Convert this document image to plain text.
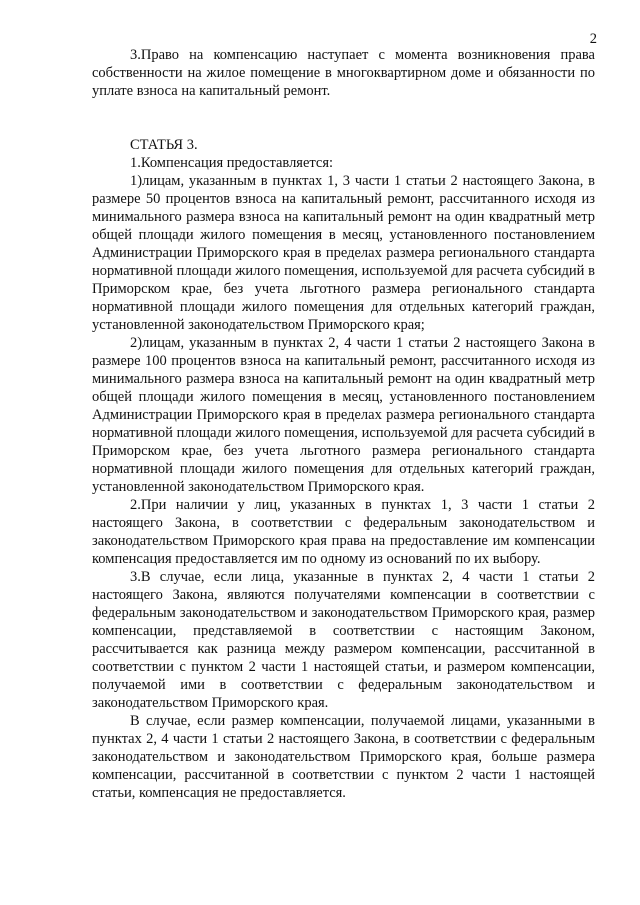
2

3.Право на компенсацию наступает с момента возникновения права собственности на жилое помещение в многоквартирном доме и обязанности по уплате взноса на капитальный ремонт.

СТАТЬЯ 3.

1.Компенсация предоставляется:

1)лицам, указанным в пунктах 1, 3 части 1 статьи 2 настоящего Закона, в размере 50 процентов взноса на капитальный ремонт, рассчитанного исходя из минимального размера взноса на капитальный ремонт на один квадратный метр общей площади жилого помещения в месяц, установленного постановлением Администрации Приморского края в пределах размера регионального стандарта нормативной площади жилого помещения, используемой для расчета субсидий в Приморском крае, без учета льготного размера регионального стандарта нормативной площади жилого помещения для отдельных категорий граждан, установленной законодательством Приморского края;

2)лицам, указанным в пунктах 2, 4 части 1 статьи 2 настоящего Закона в размере 100 процентов взноса на капитальный ремонт, рассчитанного исходя из минимального размера взноса на капитальный ремонт на один квадратный метр общей площади жилого помещения в месяц, установленного постановлением Администрации Приморского края в пределах размера регионального стандарта нормативной площади жилого помещения, используемой для расчета субсидий в Приморском крае, без учета льготного размера регионального стандарта нормативной площади жилого помещения для отдельных категорий граждан, установленной законодательством Приморского края.

2.При наличии у лиц, указанных в пунктах 1, 3 части 1 статьи 2 настоящего Закона, в соответствии с федеральным законодательством и законодательством Приморского края права на предоставление им компенсации компенсация предоставляется им по одному из оснований по их выбору.

3.В случае, если лица, указанные в пунктах 2, 4 части 1 статьи 2 настоящего Закона, являются получателями компенсации в соответствии с федеральным законодательством и законодательством Приморского края, размер компенсации, представляемой в соответствии с настоящим Законом, рассчитывается как разница между размером компенсации, рассчитанной в соответствии с пунктом 2 части 1 настоящей статьи, и размером компенсации, получаемой ими в соответствии с федеральным законодательством и законодательством Приморского края.

В случае, если размер компенсации, получаемой лицами, указанными в пунктах 2, 4 части 1 статьи 2 настоящего Закона, в соответствии с федеральным законодательством и законодательством Приморского края, больше размера компенсации, рассчитанной в соответствии с пунктом 2 части 1 настоящей статьи, компенсация не предоставляется.
